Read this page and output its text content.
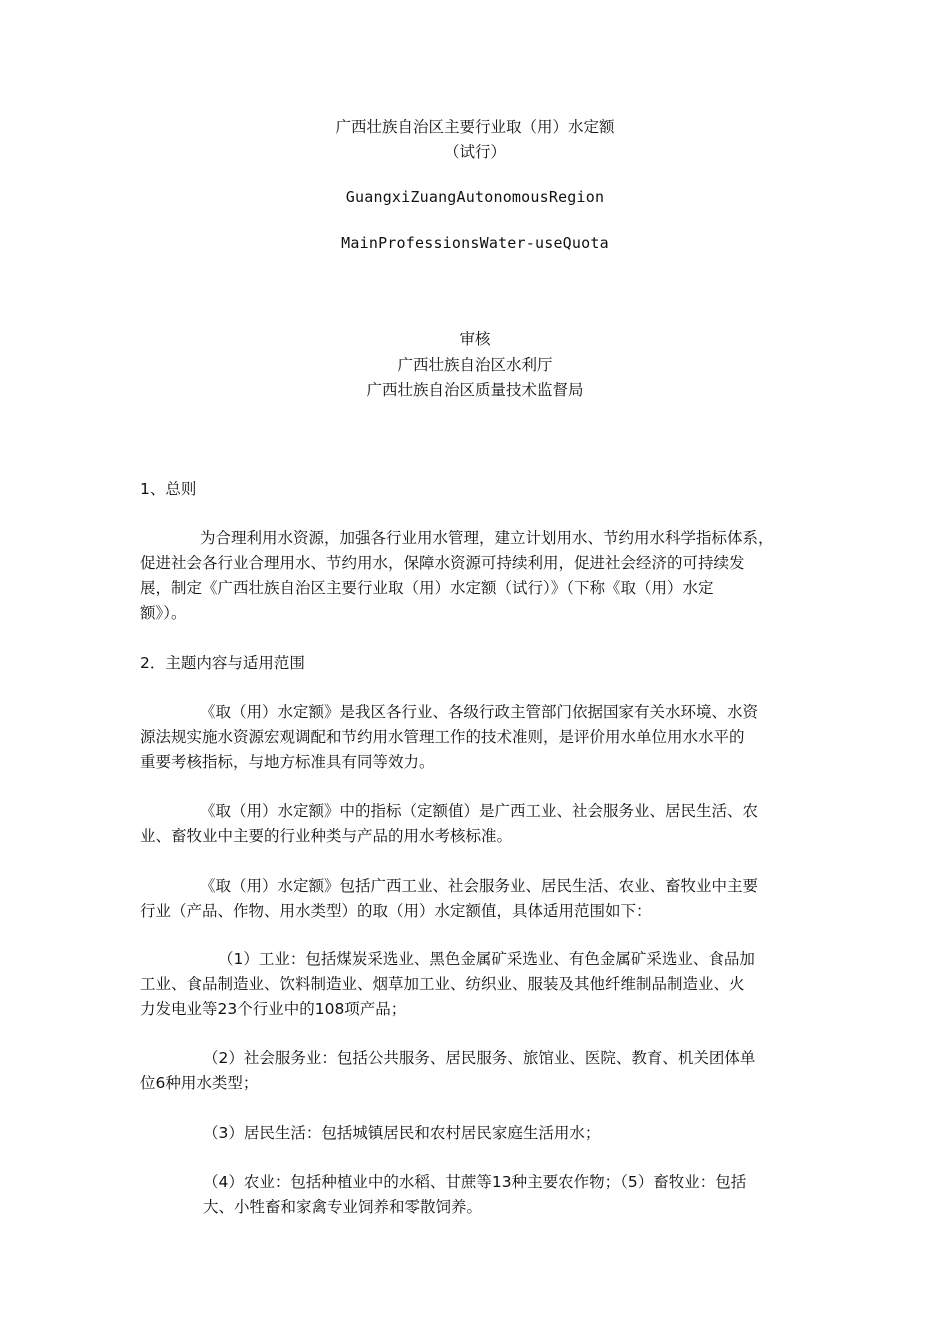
广西壮族自治区主要行业取（用）水定额
（试行）
GuangxiZuangAutonomousRegion
MainProfessionsWater-useQuota
审核
广西壮族自治区水利厅
广西壮族自治区质量技术监督局
1、总则
为合理利用水资源，加强各行业用水管理，建立计划用水、节约用水科学指标体系，
促进社会各行业合理用水、节约用水，保障水资源可持续利用，促进社会经济的可持续发
展，制定《广西壮族自治区主要行业取（用）水定额（试行）》（下称《取（用）水定
额》）。
2．主题内容与适用范围
《取（用）水定额》是我区各行业、各级行政主管部门依据国家有关水环境、水资
源法规实施水资源宏观调配和节约用水管理工作的技术准则，是评价用水单位用水水平的
重要考核指标，与地方标准具有同等效力。
《取（用）水定额》中的指标（定额值）是广西工业、社会服务业、居民生活、农
业、畜牧业中主要的行业种类与产品的用水考核标准。
《取（用）水定额》包括广西工业、社会服务业、居民生活、农业、畜牧业中主要
行业（产品、作物、用水类型）的取（用）水定额值，具体适用范围如下：
（1）工业：包括煤炭采选业、黑色金属矿采选业、有色金属矿采选业、食品加
工业、食品制造业、饮料制造业、烟草加工业、纺织业、服装及其他纤维制品制造业、火
力发电业等23个行业中的108项产品；
（2）社会服务业：包括公共服务、居民服务、旅馆业、医院、教育、机关团体单
位6种用水类型；
（3）居民生活：包括城镇居民和农村居民家庭生活用水；
（4）农业：包括种植业中的水稻、甘蔗等13种主要农作物；（5）畜牧业：包括
大、小牲畜和家禽专业饲养和零散饲养。
